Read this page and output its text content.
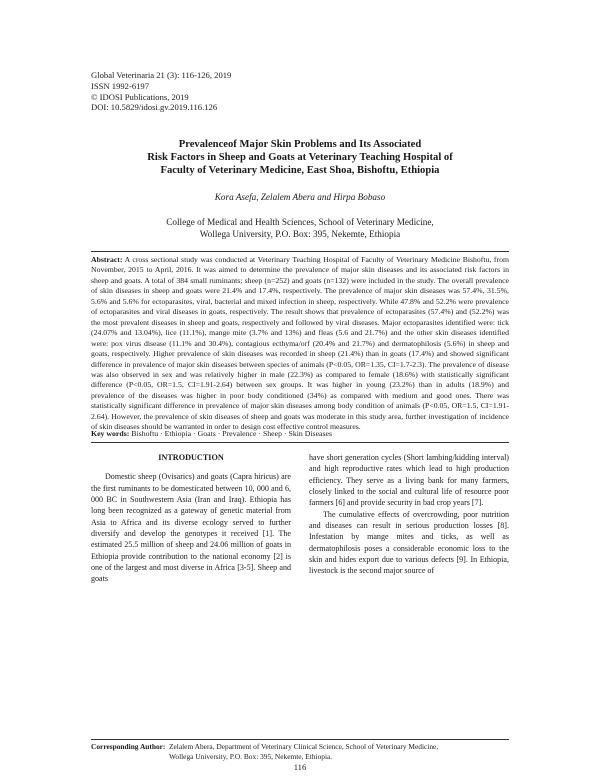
Global Veterinaria 21 (3): 116-126, 2019
ISSN 1992-6197
© IDOSI Publications, 2019
DOI: 10.5829/idosi.gv.2019.116.126
Prevalenceof Major Skin Problems and Its Associated
Risk Factors in Sheep and Goats at Veterinary Teaching Hospital of
Faculty of Veterinary Medicine, East Shoa, Bishoftu, Ethiopia
Kora Asefa, Zelalem Abera and Hirpa Bobaso
College of Medical and Health Sciences, School of Veterinary Medicine,
Wollega University, P.O. Box: 395, Nekemte, Ethiopia
Abstract: A cross sectional study was conducted at Veterinary Teaching Hospital of Faculty of Veterinary Medicine Bishoftu, from November, 2015 to April, 2016. It was aimed to determine the prevalence of major skin diseases and its associated risk factors in sheep and goats. A total of 384 small ruminants; sheep (n=252) and goats (n=132) were included in the study. The overall prevalence of skin diseases in sheep and goats were 21.4% and 17.4%, respectively. The prevalence of major skin diseases was 57.4%, 31.5%, 5.6% and 5.6% for ectoparasites, viral, bacterial and mixed infection in sheep, respectively. While 47.8% and 52.2% were prevalence of ectoparasites and viral diseases in goats, respectively. The result shows that prevalence of ectoparasites (57.4%) and (52.2%) was the most prevalent diseases in sheep and goats, respectively and followed by viral diseases. Major ectoparasites identified were: tick (24.07% and 13.04%), lice (11.1%), mange mite (3.7% and 13%) and fleas (5.6 and 21.7%) and the other skin diseases identified were: pox virus disease (11.1% and 30.4%), contagious ecthyma/orf (20.4% and 21.7%) and dermatophilosis (5.6%) in sheep and goats, respectively. Higher prevalence of skin diseases was recorded in sheep (21.4%) than in goats (17.4%) and showed significant difference in prevalence of major skin diseases between species of animals (P<0.05, OR=1.35, CI=1.7-2.3). The prevalence of disease was also observed in sex and was relatively higher in male (22.3%) as compared to female (18.6%) with statistically significant difference (P<0.05, OR=1.5, CI=1.91-2.64) between sex groups. It was higher in young (23.2%) than in adults (18.9%) and prevalence of the diseases was higher in poor body conditioned (34%) as compared with medium and good ones. There was statistically significant difference in prevalence of major skin diseases among body condition of animals (P<0.05, OR=1.5, CI=1.91-2.64). However, the prevalence of skin diseases of sheep and goats was moderate in this study area, further investigation of incidence of skin diseases should be warranted in order to design cost effective control measures.
Key words: Bishoftu · Ethiopia · Goats · Prevalence · Sheep · Skin Diseases
INTRODUCTION

Domestic sheep (Ovisarics) and goats (Capra hiricus) are the first ruminants to be domesticated between 10, 000 and 6, 000 BC in Southwestern Asia (Iran and Iraq). Ethiopia has long been recognized as a gateway of genetic material from Asia to Africa and its diverse ecology served to further diversify and develop the genotypes it received [1]. The estimated 25.5 million of sheep and 24.06 million of goats in Ethiopia provide contribution to the national economy [2] is one of the largest and most diverse in Africa [3-5]. Sheep and goats

have short generation cycles (Short lambing/kidding interval) and high reproductive rates which lead to high production efficiency. They serve as a living bank for many farmers, closely linked to the social and cultural life of resource poor farmers [6] and provide security in bad crop years [7].

The cumulative effects of overcrowding, poor nutrition and diseases can result in serious production losses [8]. Infestation by mange mites and ticks, as well as dermatophilosis poses a considerable economic loss to the skin and hides export due to various defects [9]. In Ethiopia, livestock is the second major source of

Corresponding Author: Zelalem Abera, Department of Veterinary Clinical Science, School of Veterinary Medicine,
Wollega University, P.O. Box: 395, Nekemte, Ethiopia.
116
